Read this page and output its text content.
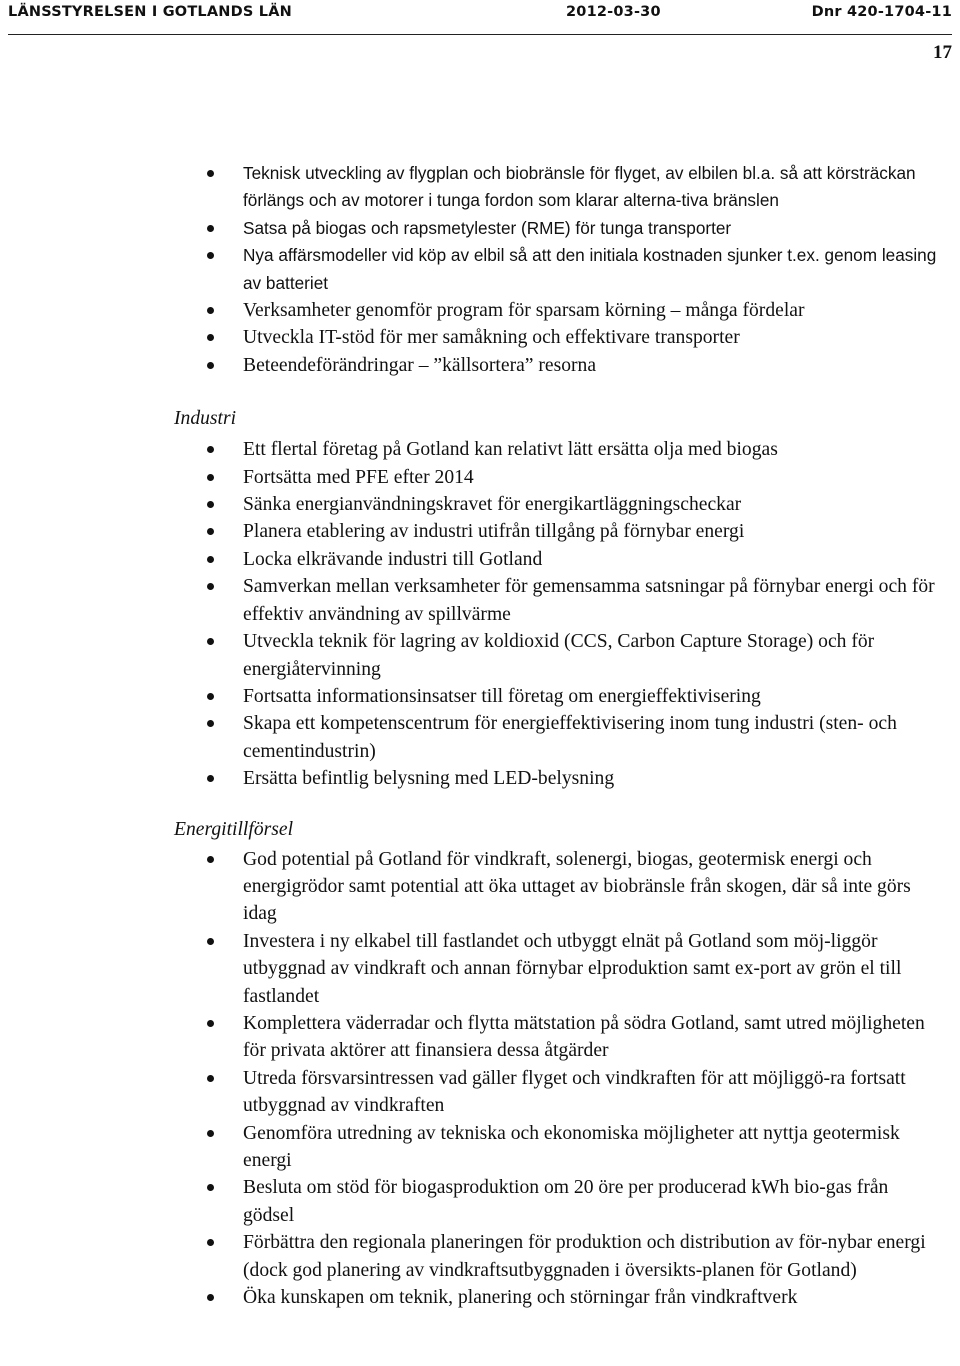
LÄNSSTYRELSEN I GOTLANDS LÄN	2012-03-30	Dnr 420-1704-11
17
Teknisk utveckling av flygplan och biobränsle för flyget, av elbilen bl.a. så att körsträckan förlängs och av motorer i tunga fordon som klarar alterna-tiva bränslen
Satsa på biogas och rapsmetylester (RME) för tunga transporter
Nya affärsmodeller vid köp av elbil så att den initiala kostnaden sjunker t.ex. genom leasing av batteriet
Verksamheter genomför program för sparsam körning – många fördelar
Utveckla IT-stöd för mer samåkning och effektivare transporter
Beteendeförändringar – ”källsortera” resorna

Industri

Ett flertal företag på Gotland kan relativt lätt ersätta olja med biogas
Fortsätta med PFE efter 2014
Sänka energianvändningskravet för energikartläggningscheckar
Planera etablering av industri utifrån tillgång på förnybar energi
Locka elkrävande industri till Gotland
Samverkan mellan verksamheter för gemensamma satsningar på förnybar energi och för effektiv användning av spillvärme
Utveckla teknik för lagring av koldioxid (CCS, Carbon Capture Storage) och för energiåtervinning
Fortsatta informationsinsatser till företag om energieffektivisering
Skapa ett kompetenscentrum för energieffektivisering inom tung industri (sten- och cementindustrin)
Ersätta befintlig belysning med LED-belysning

Energitillförsel

God potential på Gotland för vindkraft, solenergi, biogas, geotermisk energi och energigrödor samt potential att öka uttaget av biobränsle från skogen, där så inte görs idag
Investera i ny elkabel till fastlandet och utbyggt elnät på Gotland som möj-liggör utbyggnad av vindkraft och annan förnybar elproduktion samt ex-port av grön el till fastlandet
Komplettera väderradar och flytta mätstation på södra Gotland, samt utred möjligheten för privata aktörer att finansiera dessa åtgärder
Utreda försvarsintressen vad gäller flyget och vindkraften för att möjliggö-ra fortsatt utbyggnad av vindkraften
Genomföra utredning av tekniska och ekonomiska möjligheter att nyttja geotermisk energi
Besluta om stöd för biogasproduktion om 20 öre per producerad kWh bio-gas från gödsel
Förbättra den regionala planeringen för produktion och distribution av för-nybar energi (dock god planering av vindkraftsutbyggnaden i översikts-planen för Gotland)
Öka kunskapen om teknik, planering och störningar från vindkraftverk
